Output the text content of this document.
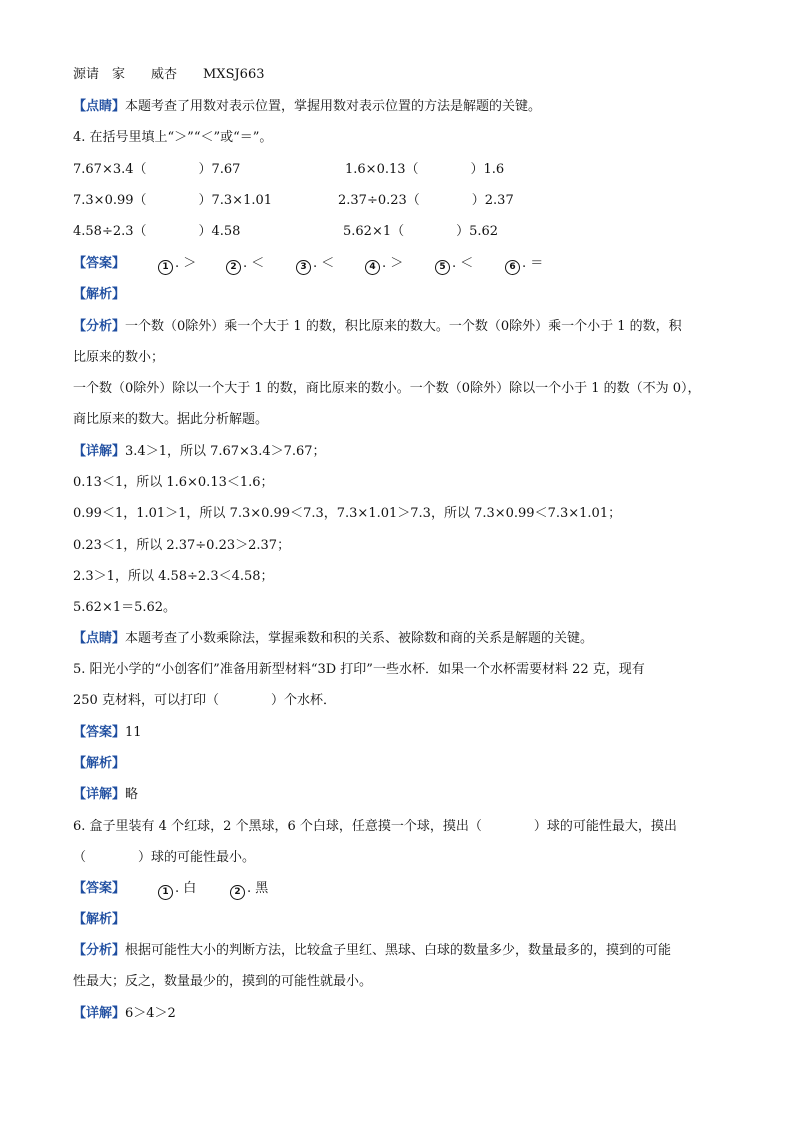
源请　家　　威杏　　MXSJ663
【点睛】本题考查了用数对表示位置，掌握用数对表示位置的方法是解题的关键。
4. 在括号里填上“＞”“＜”或“＝”。
7.67×3.4（　　　　）7.67	1.6×0.13（　　　　）1.6
7.3×0.99（　　　　）7.3×1.01	2.37÷0.23（　　　　）2.37
4.58÷2.3（　　　　）4.58	5.62×1（　　　　）5.62
【答案】	1 . ＞	2 . ＜	3 . ＜	4 . ＞	5 . ＜	6 . ＝
【解析】
【分析】一个数（0除外）乘一个大于 1 的数，积比原来的数大。一个数（0除外）乘一个小于 1 的数，积
比原来的数小；
一个数（0除外）除以一个大于 1 的数，商比原来的数小。一个数（0除外）除以一个小于 1 的数（不为 0），
商比原来的数大。据此分析解题。
【详解】3.4＞1，所以 7.67×3.4＞7.67；
0.13＜1，所以 1.6×0.13＜1.6；
0.99＜1，1.01＞1，所以 7.3×0.99＜7.3，7.3×1.01＞7.3，所以 7.3×0.99＜7.3×1.01；
0.23＜1，所以 2.37÷0.23＞2.37；
2.3＞1，所以 4.58÷2.3＜4.58；
5.62×1＝5.62。
【点睛】本题考查了小数乘除法，掌握乘数和积的关系、被除数和商的关系是解题的关键。
5. 阳光小学的“小创客们”准备用新型材料“3D 打印”一些水杯．如果一个水杯需要材料 22 克，现有
250 克材料，可以打印（　　　　）个水杯．
【答案】11
【解析】
【详解】略
6. 盒子里装有 4 个红球，2 个黑球，6 个白球，任意摸一个球，摸出（　　　　）球的可能性最大，摸出
（　　　　）球的可能性最小。
【答案】	1 . 白	2 . 黑
【解析】
【分析】根据可能性大小的判断方法，比较盒子里红、黑球、白球的数量多少，数量最多的，摸到的可能
性最大；反之，数量最少的，摸到的可能性就最小。
【详解】6＞4＞2
